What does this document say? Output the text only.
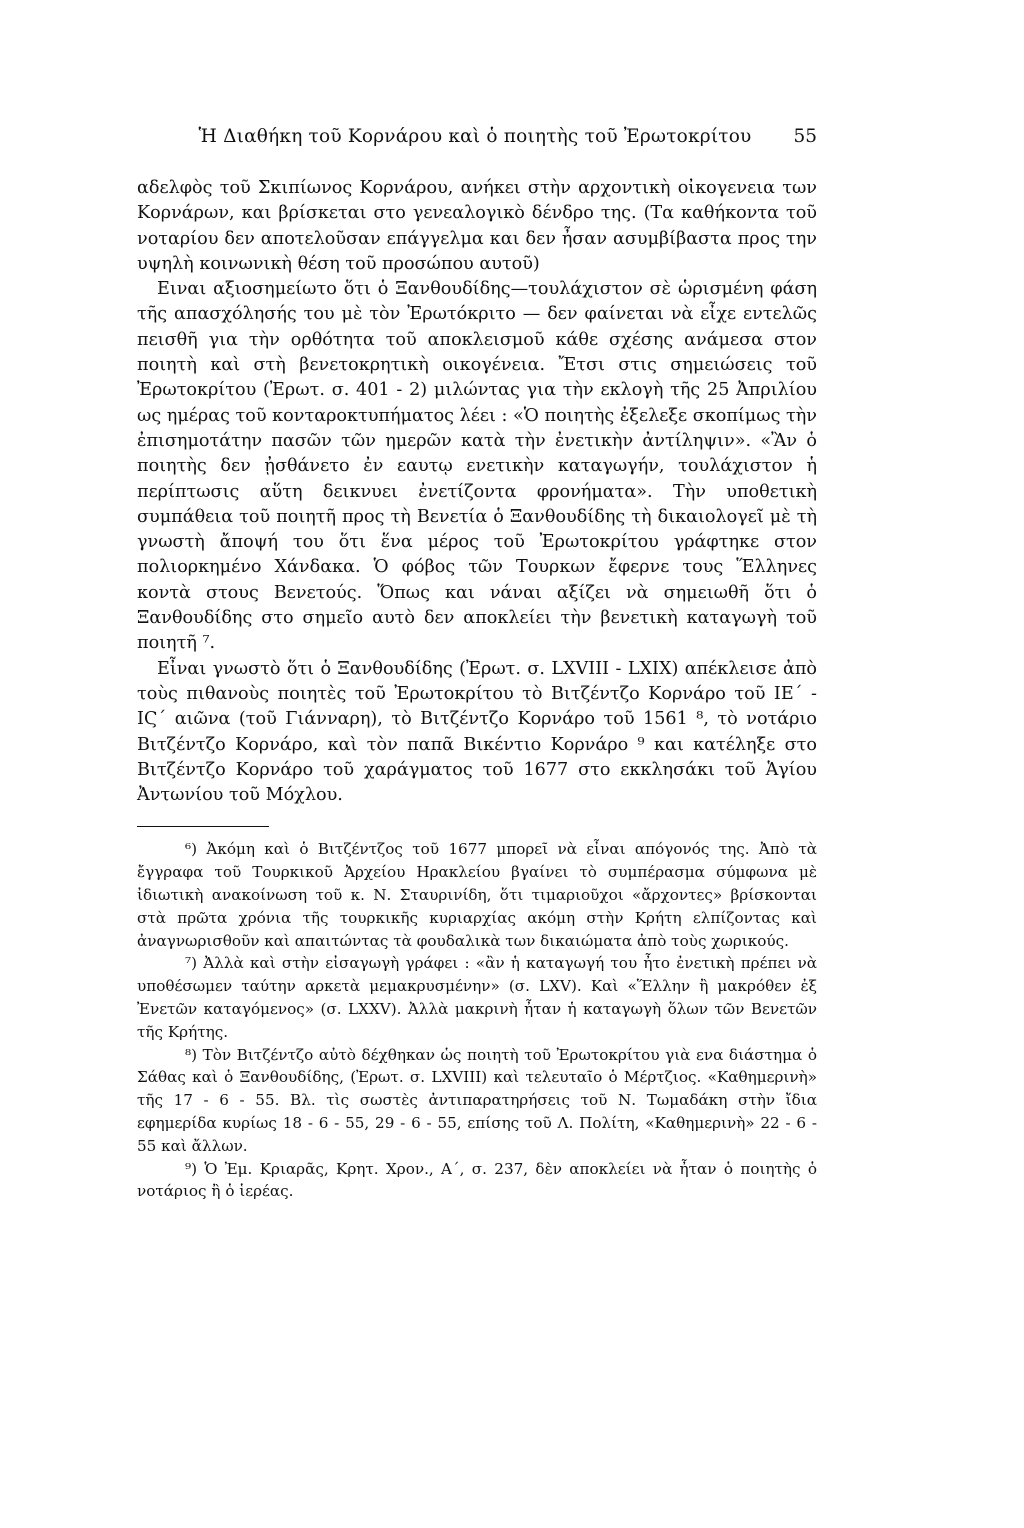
Ἡ Διαθήκη τοῦ Κορνάρου καὶ ὁ ποιητὴς τοῦ Ἐρωτοκρίτου	55

αδελφὸς τοῦ Σκιπίωνος Κορνάρου, ανήκει στὴν αρχοντικὴ οἰκογενεια των Κορνάρων, και βρίσκεται στο γενεαλογικὸ δένδρο της. (Τα καθήκοντα τοῦ νοταρίου δεν αποτελοῦσαν επάγγελμα και δεν ἦσαν ασυμβίβαστα προς την υψηλὴ κοινωνικὴ θέση τοῦ προσώπου αυτοῦ)

Ειναι αξιοσημείωτο ὅτι ὁ Ξανθουδίδης—τουλάχιστον σὲ ὡρισμένη φάση τῆς απασχόλησής του μὲ τὸν Ἐρωτόκριτο — δεν φαίνεται νὰ εἶχε εντελῶς πεισθῆ για τὴν ορθότητα τοῦ αποκλεισμοῦ κάθε σχέσης ανάμεσα στον ποιητὴ καὶ στὴ βενετοκρητικὴ οικογένεια. Ἔτσι στις σημειώσεις τοῦ Ἐρωτοκρίτου (Ἐρωτ. σ. 401 - 2) μιλώντας για τὴν εκλογὴ τῆς 25 Ἀπριλίου ως ημέρας τοῦ κονταροκτυπήματος λέει : «Ὁ ποιητὴς ἐξελεξε σκοπίμως τὴν ἐπισημοτάτην πασῶν τῶν ημερῶν κατὰ τὴν ἐνετικὴν ἀντίληψιν». «Ἂν ὁ ποιητὴς δεν ᾐσθάνετο ἐν εαυτῳ ενετικὴν καταγωγήν, τουλάχιστον ἡ περίπτωσις αὕτη δεικνυει ἐνετίζοντα φρονήματα». Τὴν υποθετικὴ συμπάθεια τοῦ ποιητῆ προς τὴ Βενετία ὁ Ξανθουδίδης τὴ δικαιολογεῖ μὲ τὴ γνωστὴ ἄποψή του ὅτι ἕνα μέρος τοῦ Ἐρωτοκρίτου γράφτηκε στον πολιορκημένο Χάνδακα. Ὁ φόβος τῶν Τουρκων ἔφερνε τους Ἕλληνες κοντὰ στους Βενετούς. Ὅπως και νάναι αξίζει νὰ σημειωθῆ ὅτι ὁ Ξανθουδίδης στο σημεῖο αυτὸ δεν αποκλείει τὴν βενετικὴ καταγωγὴ τοῦ ποιητῆ ⁷.

Εἶναι γνωστὸ ὅτι ὁ Ξανθουδίδης (Ἐρωτ. σ. LXVIII - LXIX) απέκλεισε ἀπὸ τοὺς πιθανοὺς ποιητὲς τοῦ Ἐρωτοκρίτου τὸ Βιτζέντζο Κορνάρο τοῦ ΙΕ΄ - ΙϚ΄ αιῶνα (τοῦ Γιάνναρη), τὸ Βιτζέντζο Κορνάρο τοῦ 1561 ⁸, τὸ νοτάριο Βιτζέντζο Κορνάρο, καὶ τὸν παπᾶ Βικέντιο Κορνάρο ⁹ και κατέληξε στο Βιτζέντζο Κορνάρο τοῦ χαράγματος τοῦ 1677 στο εκκλησάκι τοῦ Ἁγίου Ἀντωνίου τοῦ Μόχλου.

⁶) Ἀκόμη καὶ ὁ Βιτζέντζος τοῦ 1677 μπορεῖ νὰ εἶναι απόγονός της. Ἀπὸ τὰ ἔγγραφα τοῦ Τουρκικοῦ Ἀρχείου Ηρακλείου βγαίνει τὸ συμπέρασμα σύμφωνα μὲ ἰδιωτικὴ ανακοίνωση τοῦ κ. Ν. Σταυρινίδη, ὅτι τιμαριοῦχοι «ἄρχοντες» βρίσκονται στὰ πρῶτα χρόνια τῆς τουρκικῆς κυριαρχίας ακόμη στὴν Κρήτη ελπίζοντας καὶ ἀναγνωρισθοῦν καὶ απαιτώντας τὰ φουδαλικὰ των δικαιώματα ἀπὸ τοὺς χωρικούς.

⁷) Ἀλλὰ καὶ στὴν εἰσαγωγὴ γράφει : «ἂν ἡ καταγωγή του ἦτο ἐνετικὴ πρέπει νὰ υποθέσωμεν ταύτην αρκετὰ μεμακρυσμένην» (σ. LXV). Καὶ «Ἕλλην ἢ μακρόθεν ἐξ Ἐνετῶν καταγόμενος» (σ. LXXV). Ἀλλὰ μακρινὴ ἦταν ἡ καταγωγὴ ὅλων τῶν Βενετῶν τῆς Κρήτης.

⁸) Τὸν Βιτζέντζο αὐτὸ δέχθηκαν ὡς ποιητὴ τοῦ Ἐρωτοκρίτου γιὰ ενα διάστημα ὁ Σάθας καὶ ὁ Ξανθουδίδης, (Ἐρωτ. σ. LXVIII) καὶ τελευταῖο ὁ Μέρτζιος. «Καθημερινὴ» τῆς 17 - 6 - 55. Βλ. τὶς σωστὲς ἀντιπαρατηρήσεις τοῦ Ν. Τωμαδάκη στὴν ἴδια εφημερίδα κυρίως 18 - 6 - 55, 29 - 6 - 55, επίσης τοῦ Λ. Πολίτη, «Καθημερινὴ» 22 - 6 - 55 καὶ ἄλλων.

⁹) Ὁ Ἐμ. Κριαρᾶς, Κρητ. Χρον., Α΄, σ. 237, δὲν αποκλείει νὰ ἦταν ὁ ποιητὴς ὁ νοτάριος ἢ ὁ ἱερέας.
